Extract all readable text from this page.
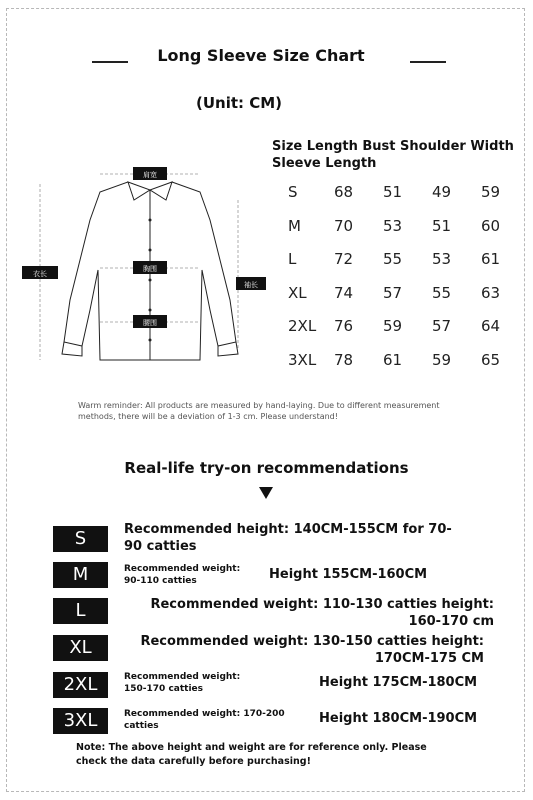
Long Sleeve Size Chart
(Unit: CM)
肩宽
胸围
腰围
衣长
袖长
Size Length Bust Shoulder Width
Sleeve Length
S 68 51 49 59
M 70 53 51 60
L	72 55 53 61
XL 74 57 55 63
2XL 76 59 57 64
3XL 78 61 59 65
Warm reminder: All products are measured by hand-laying. Due to different measurement methods, there will be a deviation of 1-3 cm. Please understand!
Real-life try-on recommendations
S	Recommended height: 140CM-155CM for 70-90 catties
M	Recommended weight: 90-110 catties	Height 155CM-160CM
L	Recommended weight: 110-130 catties height: 160-170 cm
XL	Recommended weight: 130-150 catties height: 170CM-175 CM
2XL	Recommended weight: 150-170 catties	Height 175CM-180CM
3XL	Recommended weight: 170-200 catties	Height 180CM-190CM
Note: The above height and weight are for reference only. Please check the data carefully before purchasing!
